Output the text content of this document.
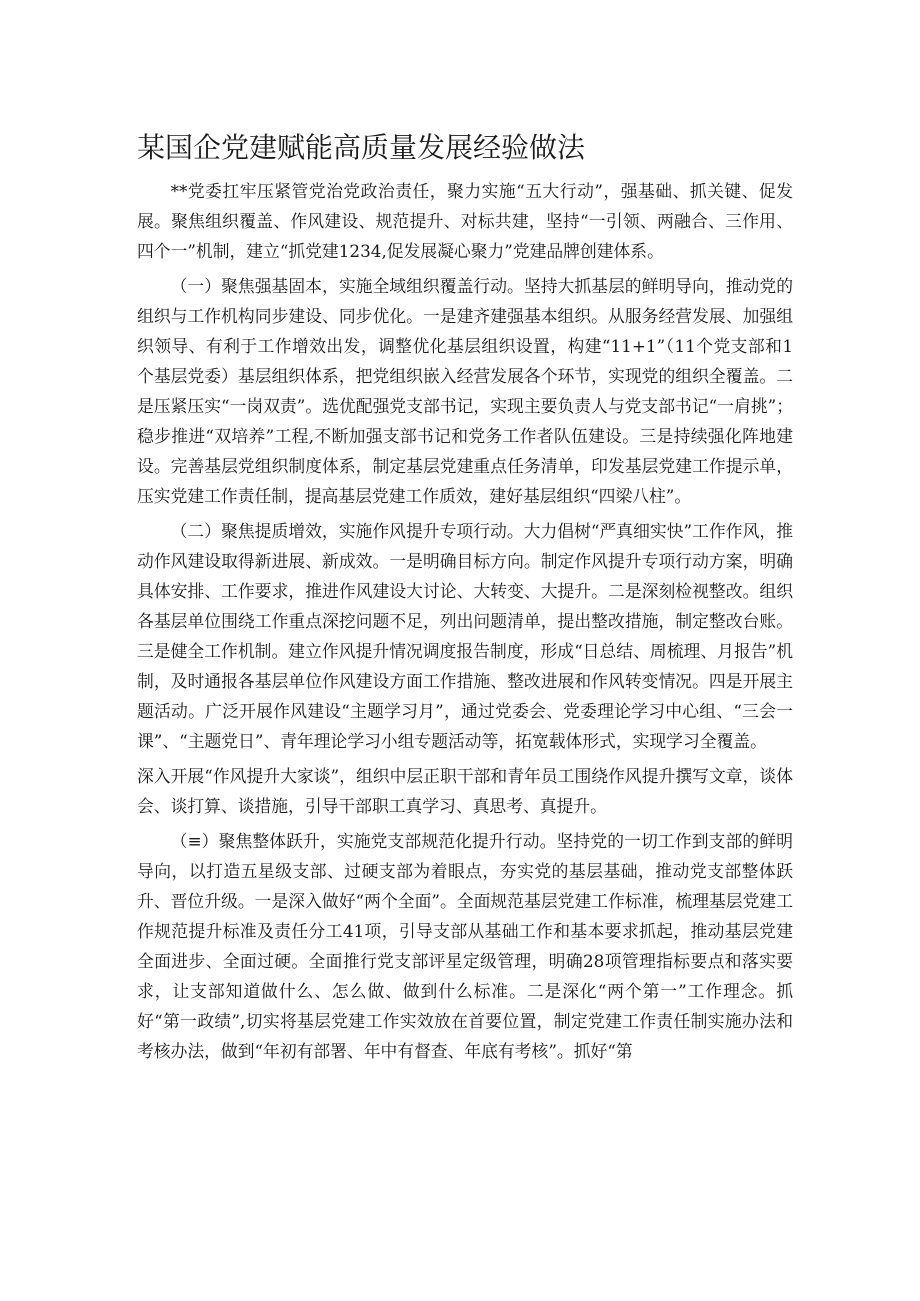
某国企党建赋能高质量发展经验做法

**党委扛牢压紧管党治党政治责任，聚力实施“五大行动”，强基础、抓关键、促发展。聚焦组织覆盖、作风建设、规范提升、对标共建，坚持“一引领、两融合、三作用、四个一”机制，建立“抓党建1234,促发展凝心聚力”党建品牌创建体系。

（一）聚焦强基固本，实施全域组织覆盖行动。坚持大抓基层的鲜明导向，推动党的组织与工作机构同步建设、同步优化。一是建齐建强基本组织。从服务经营发展、加强组织领导、有利于工作增效出发，调整优化基层组织设置，构建“11+1”（11个党支部和1个基层党委）基层组织体系，把党组织嵌入经营发展各个环节，实现党的组织全覆盖。二是压紧压实“一岗双责”。选优配强党支部书记，实现主要负责人与党支部书记“一肩挑”；稳步推进“双培养”工程,不断加强支部书记和党务工作者队伍建设。三是持续强化阵地建设。完善基层党组织制度体系，制定基层党建重点任务清单，印发基层党建工作提示单，压实党建工作责任制，提高基层党建工作质效，建好基层组织“四梁八柱”。

（二）聚焦提质增效，实施作风提升专项行动。大力倡树“严真细实快”工作作风，推动作风建设取得新进展、新成效。一是明确目标方向。制定作风提升专项行动方案，明确具体安排、工作要求，推进作风建设大讨论、大转变、大提升。二是深刻检视整改。组织各基层单位围绕工作重点深挖问题不足，列出问题清单，提出整改措施，制定整改台账。三是健全工作机制。建立作风提升情况调度报告制度，形成“日总结、周梳理、月报告”机制，及时通报各基层单位作风建设方面工作措施、整改进展和作风转变情况。四是开展主题活动。广泛开展作风建设“主题学习月”，通过党委会、党委理论学习中心组、“三会一课”、“主题党日”、青年理论学习小组专题活动等，拓宽载体形式，实现学习全覆盖。

深入开展“作风提升大家谈”，组织中层正职干部和青年员工围绕作风提升撰写文章，谈体会、谈打算、谈措施，引导干部职工真学习、真思考、真提升。

（≡）聚焦整体跃升，实施党支部规范化提升行动。坚持党的一切工作到支部的鲜明导向，以打造五星级支部、过硬支部为着眼点，夯实党的基层基础，推动党支部整体跃升、晋位升级。一是深入做好“两个全面”。全面规范基层党建工作标准，梳理基层党建工作规范提升标准及责任分工41项，引导支部从基础工作和基本要求抓起，推动基层党建全面进步、全面过硬。全面推行党支部评星定级管理，明确28项管理指标要点和落实要求，让支部知道做什么、怎么做、做到什么标准。二是深化“两个第一”工作理念。抓好“第一政绩”,切实将基层党建工作实效放在首要位置，制定党建工作责任制实施办法和考核办法，做到“年初有部署、年中有督查、年底有考核”。抓好“第
